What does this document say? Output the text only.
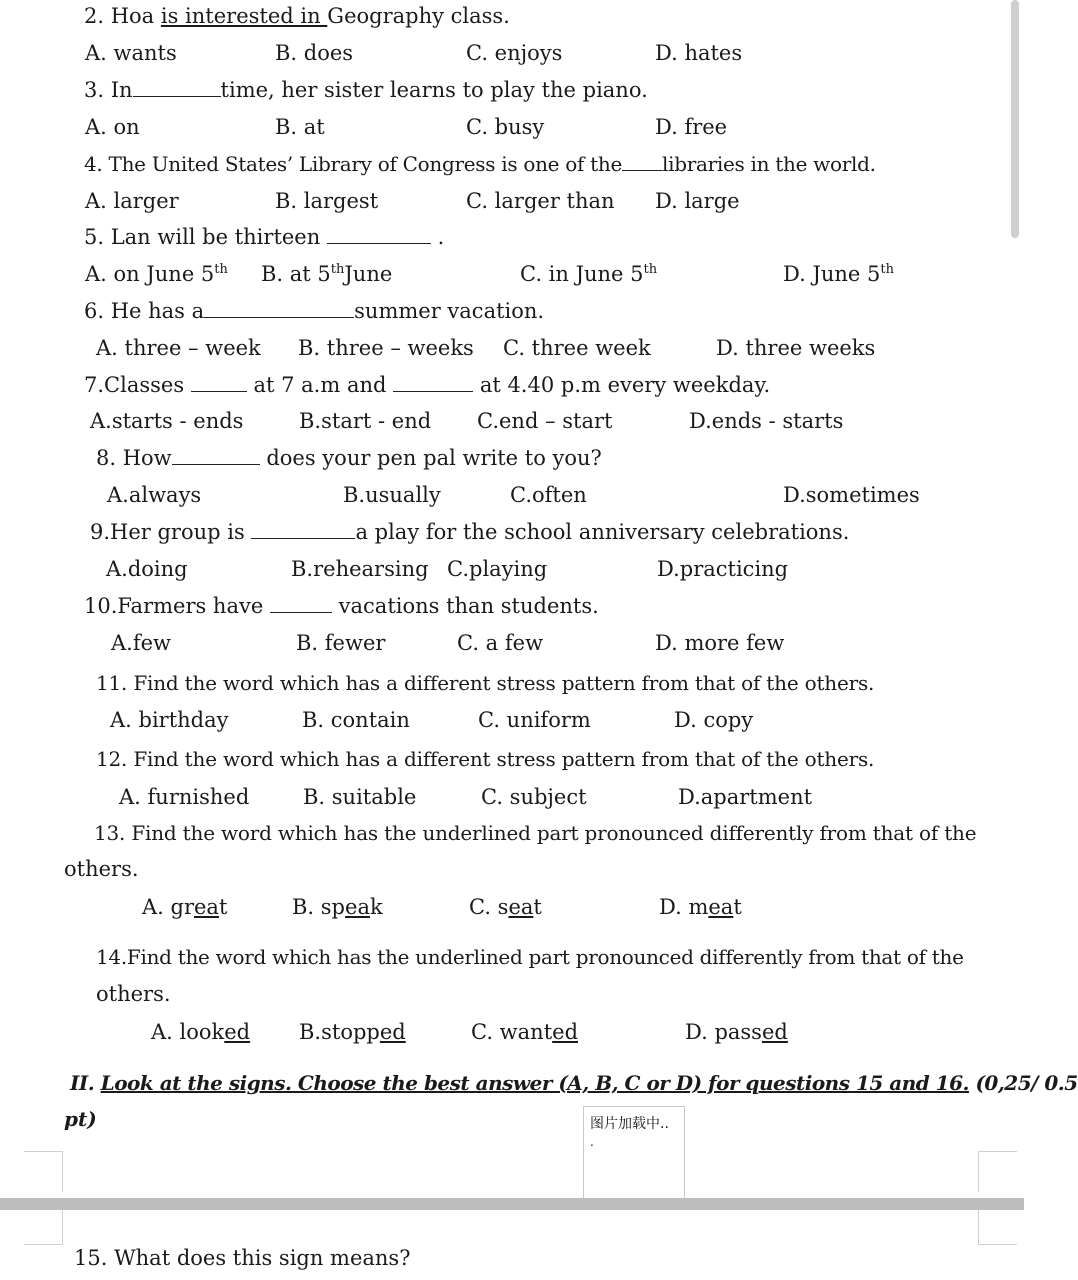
2. Hoa is interested in Geography class.
A. wants	B. does	C. enjoys	D. hates
3. In	time, her sister learns to play the piano.
A. on	B. at	C. busy	D. free
4. The United States’ Library of Congress is one of the libraries in the world.
A. larger	B. largest	C. larger than D. large
5. Lan will be thirteen	.
A. on June 5th B. at 5thJune	C. in June 5th	D. June 5th
6. He has a	summer vacation.
A. three – week B. three – weeks C. three week	D. three weeks
7.Classes	at 7 a.m and	at 4.40 p.m every weekday.
A.starts - ends	B.start - end C.end – start	D.ends - starts
8. How	does your pen pal write to you?
A.always	B.usually	C.often	D.sometimes
9.Her group is	a play for the school anniversary celebrations.
A.doing	B.rehearsing C.playing	D.practicing
10.Farmers have	vacations than students.
A.few	B. fewer	C. a few	D. more few
11. Find the word which has a different stress pattern from that of the others.
A. birthday	B. contain	C. uniform	D. copy
12. Find the word which has a different stress pattern from that of the others.
A. furnished	B. suitable	C. subject	D.apartment
13. Find the word which has the underlined part pronounced differently from that of the
others.
A. great	B. speak	C. seat	D. meat
14.Find the word which has the underlined part pronounced differently from that of the
others.
A. looked B.stopped	C. wanted	D. passed
II. Look at the signs. Choose the best answer (A, B, C or D) for questions 15 and 16. (0,25/ 0.5
pt)	图片加载中..
.
15. What does this sign means?
